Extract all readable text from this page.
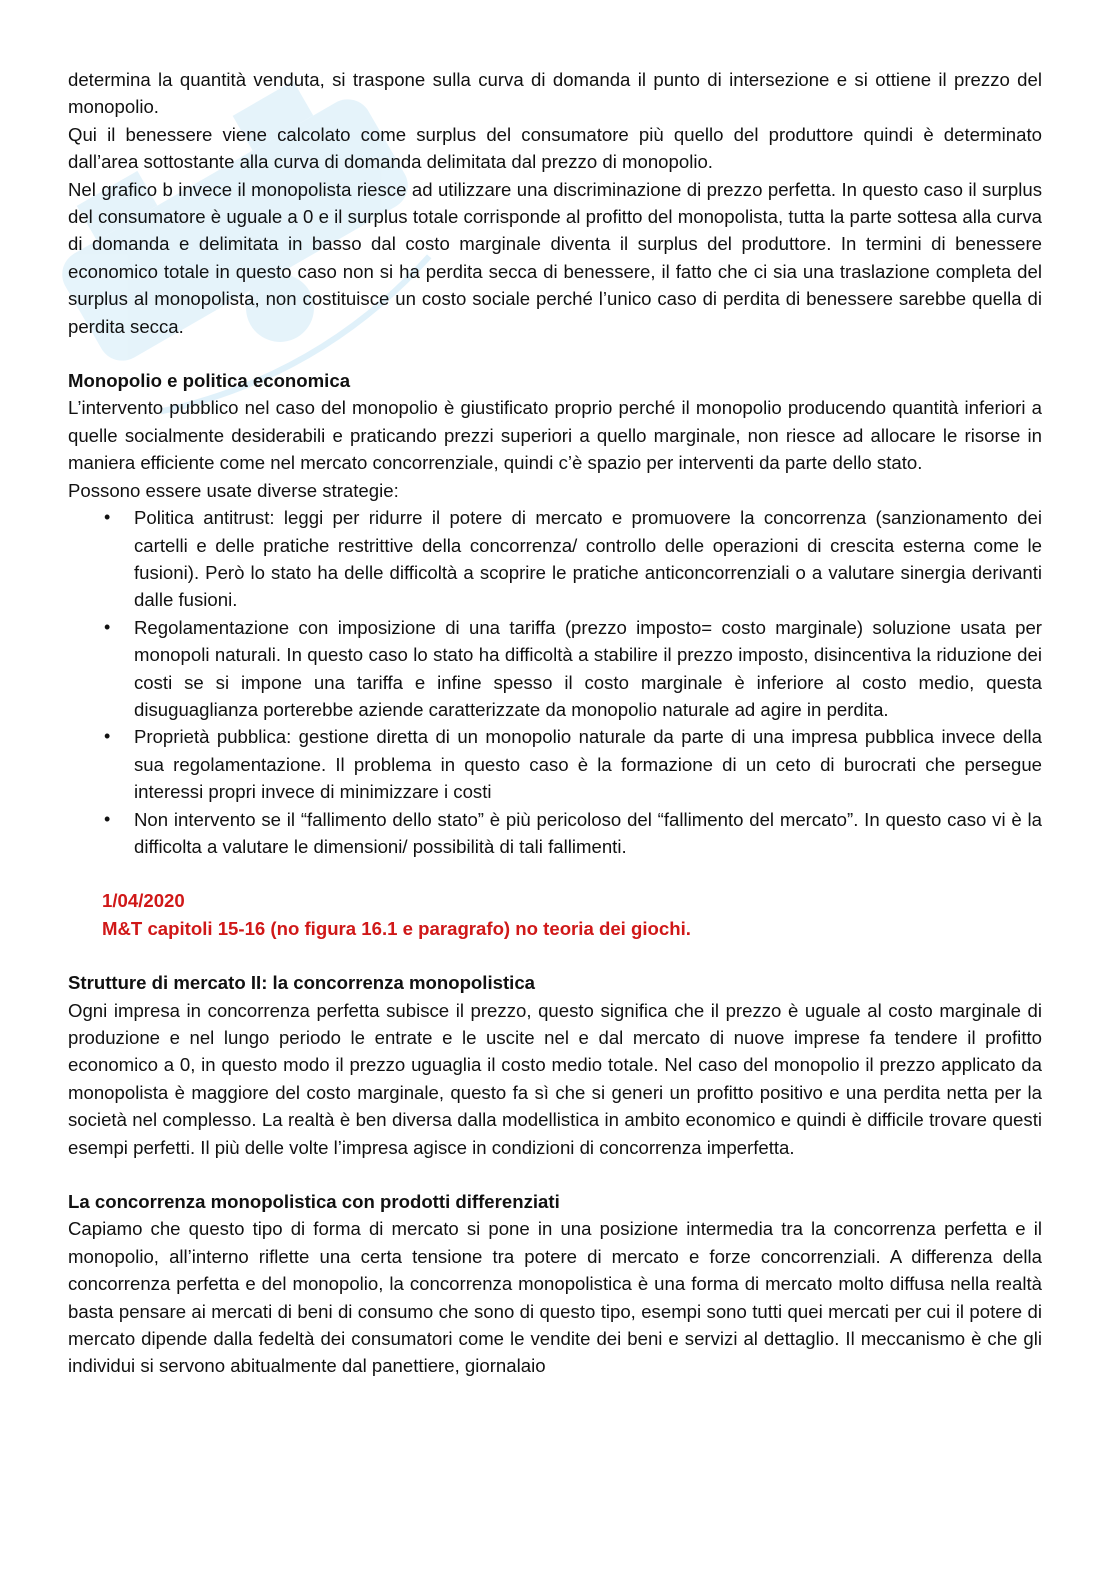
determina la quantità venduta, si traspone sulla curva di domanda il punto di intersezione e si ottiene il prezzo del monopolio.

Qui il benessere viene calcolato come surplus del consumatore più quello del produttore quindi è determinato dall’area sottostante alla curva di domanda delimitata dal prezzo di monopolio.

Nel grafico b invece il monopolista riesce ad utilizzare una discriminazione di prezzo perfetta. In questo caso il surplus del consumatore è uguale a 0 e il surplus totale corrisponde al profitto del monopolista, tutta la parte sottesa alla curva di domanda e delimitata in basso dal costo marginale diventa il surplus del produttore. In termini di benessere economico totale in questo caso non si ha perdita secca di benessere, il fatto che ci sia una traslazione completa del surplus al monopolista, non costituisce un costo sociale perché l’unico caso di perdita di benessere sarebbe quella di perdita secca.

Monopolio e politica economica

L’intervento pubblico nel caso del monopolio è giustificato proprio perché il monopolio producendo quantità inferiori a quelle socialmente desiderabili e praticando prezzi superiori a quello marginale, non riesce ad allocare le risorse in maniera efficiente come nel mercato concorrenziale, quindi c’è spazio per interventi da parte dello stato.

Possono essere usate diverse strategie:

• Politica antitrust: leggi per ridurre il potere di mercato e promuovere la concorrenza (sanzionamento dei cartelli e delle pratiche restrittive della concorrenza/ controllo delle operazioni di crescita esterna come le fusioni). Però lo stato ha delle difficoltà a scoprire le pratiche anticoncorrenziali o a valutare sinergia derivanti dalle fusioni.
• Regolamentazione con imposizione di una tariffa (prezzo imposto= costo marginale) soluzione usata per monopoli naturali. In questo caso lo stato ha difficoltà a stabilire il prezzo imposto, disincentiva la riduzione dei costi se si impone una tariffa e infine spesso il costo marginale è inferiore al costo medio, questa disuguaglianza porterebbe aziende caratterizzate da monopolio naturale ad agire in perdita.
• Proprietà pubblica: gestione diretta di un monopolio naturale da parte di una impresa pubblica invece della sua regolamentazione. Il problema in questo caso è la formazione di un ceto di burocrati che persegue interessi propri invece di minimizzare i costi
• Non intervento se il “fallimento dello stato” è più pericoloso del “fallimento del mercato”. In questo caso vi è la difficolta a valutare le dimensioni/ possibilità di tali fallimenti.

1/04/2020

M&T capitoli 15-16 (no figura 16.1 e paragrafo) no teoria dei giochi.

Strutture di mercato II: la concorrenza monopolistica

Ogni impresa in concorrenza perfetta subisce il prezzo, questo significa che il prezzo è uguale al costo marginale di produzione e nel lungo periodo le entrate e le uscite nel e dal mercato di nuove imprese fa tendere il profitto economico a 0, in questo modo il prezzo uguaglia il costo medio totale. Nel caso del monopolio il prezzo applicato da monopolista è maggiore del costo marginale, questo fa sì che si generi un profitto positivo e una perdita netta per la società nel complesso. La realtà è ben diversa dalla modellistica in ambito economico e quindi è difficile trovare questi esempi perfetti. Il più delle volte l’impresa agisce in condizioni di concorrenza imperfetta.

La concorrenza monopolistica con prodotti differenziati

Capiamo che questo tipo di forma di mercato si pone in una posizione intermedia tra la concorrenza perfetta e il monopolio, all’interno riflette una certa tensione tra potere di mercato e forze concorrenziali. A differenza della concorrenza perfetta e del monopolio, la concorrenza monopolistica è una forma di mercato molto diffusa nella realtà basta pensare ai mercati di beni di consumo che sono di questo tipo, esempi sono tutti quei mercati per cui il potere di mercato dipende dalla fedeltà dei consumatori come le vendite dei beni e servizi al dettaglio. Il meccanismo è che gli individui si servono abitualmente dal panettiere, giornalaio
